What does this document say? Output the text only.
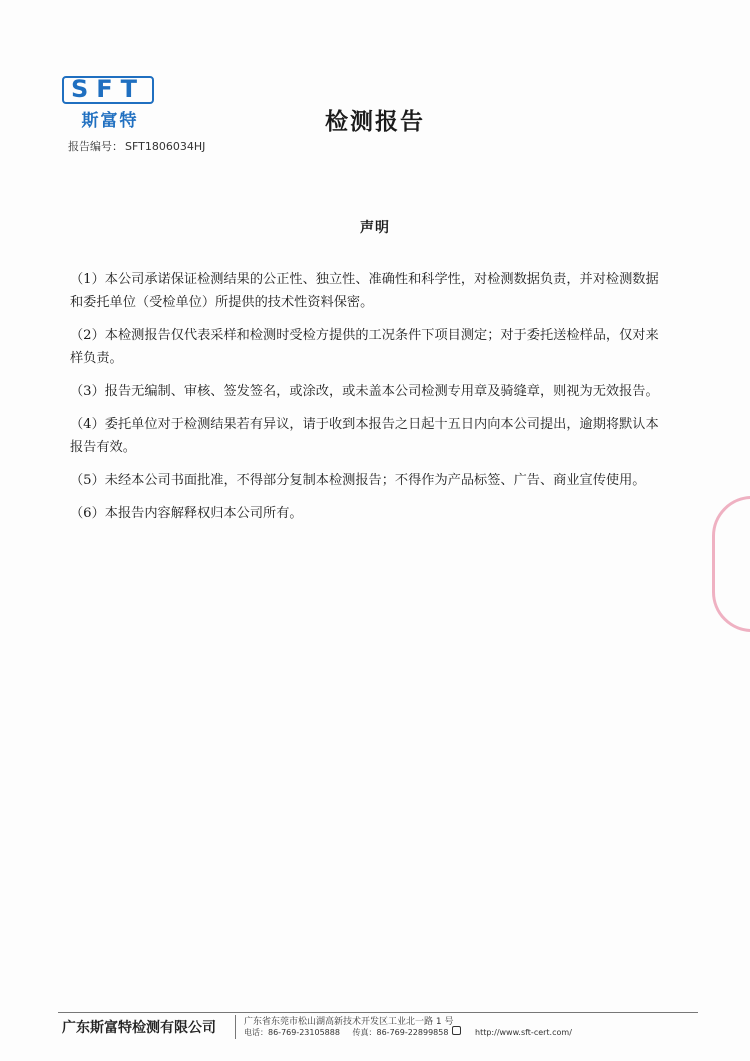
SFT
斯富特	检测报告
报告编号： SFT1806034HJ
声明

（1）本公司承诺保证检测结果的公正性、独立性、准确性和科学性，对检测数据负责，并对检测数据和委托单位（受检单位）所提供的技术性资料保密。

（2）本检测报告仅代表采样和检测时受检方提供的工况条件下项目测定；对于委托送检样品，仅对来样负责。

（3）报告无编制、审核、签发签名，或涂改，或未盖本公司检测专用章及骑缝章，则视为无效报告。

（4）委托单位对于检测结果若有异议，请于收到本报告之日起十五日内向本公司提出，逾期将默认本报告有效。

（5）未经本公司书面批准，不得部分复制本检测报告；不得作为产品标签、广告、商业宣传使用。

（6）本报告内容解释权归本公司所有。

广东斯富特检测有限公司	广东省东莞市松山湖高新技术开发区工业北一路 1 号
电话：86-769-23105888 传真：86-769-22899858	http://www.sft-cert.com/
